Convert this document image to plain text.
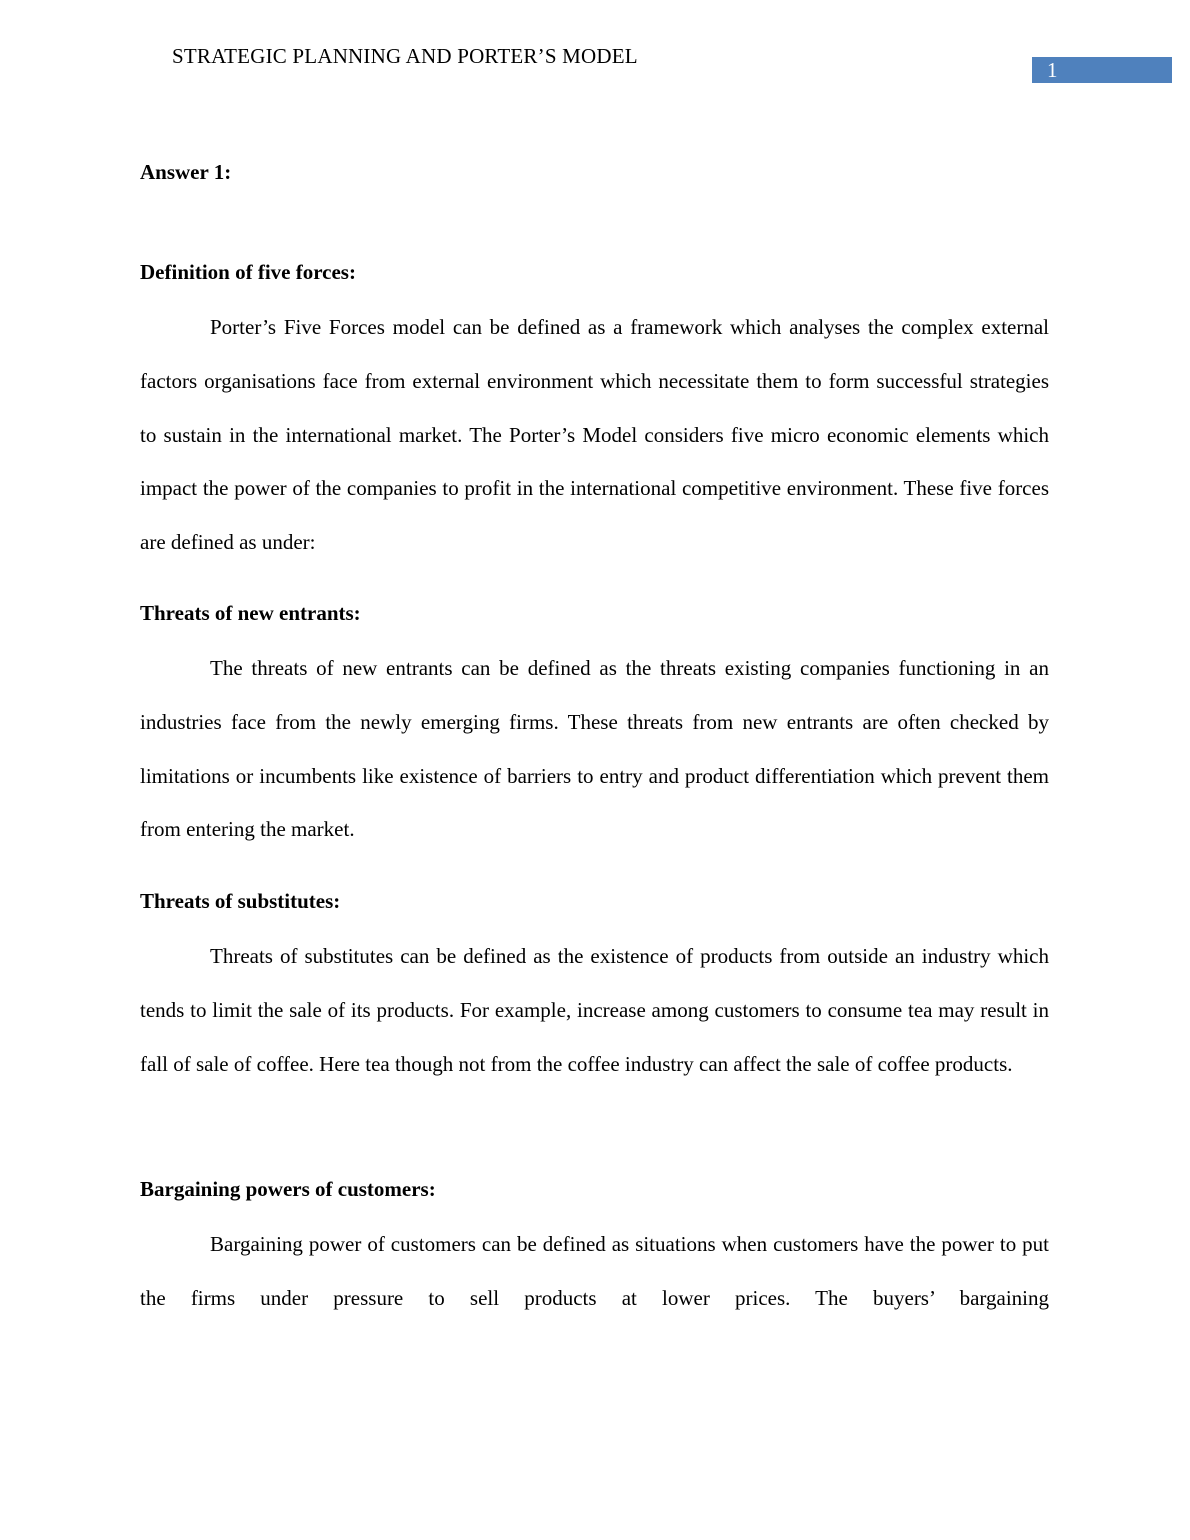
STRATEGIC PLANNING AND PORTER’S MODEL
1
Answer 1:
Definition of five forces:

Porter’s Five Forces model can be defined as a framework which analyses the complex external factors organisations face from external environment which necessitate them to form successful strategies to sustain in the international market. The Porter’s Model considers five micro economic elements which impact the power of the companies to profit in the international competitive environment. These five forces are defined as under:

Threats of new entrants:

The threats of new entrants can be defined as the threats existing companies functioning in an industries face from the newly emerging firms. These threats from new entrants are often checked by limitations or incumbents like existence of barriers to entry and product differentiation which prevent them from entering the market.

Threats of substitutes:

Threats of substitutes can be defined as the existence of products from outside an industry which tends to limit the sale of its products. For example, increase among customers to consume tea may result in fall of sale of coffee. Here tea though not from the coffee industry can affect the sale of coffee products.

Bargaining powers of customers:

Bargaining power of customers can be defined as situations when customers have the power to put the firms under pressure to sell products at lower prices. The buyers’ bargaining
